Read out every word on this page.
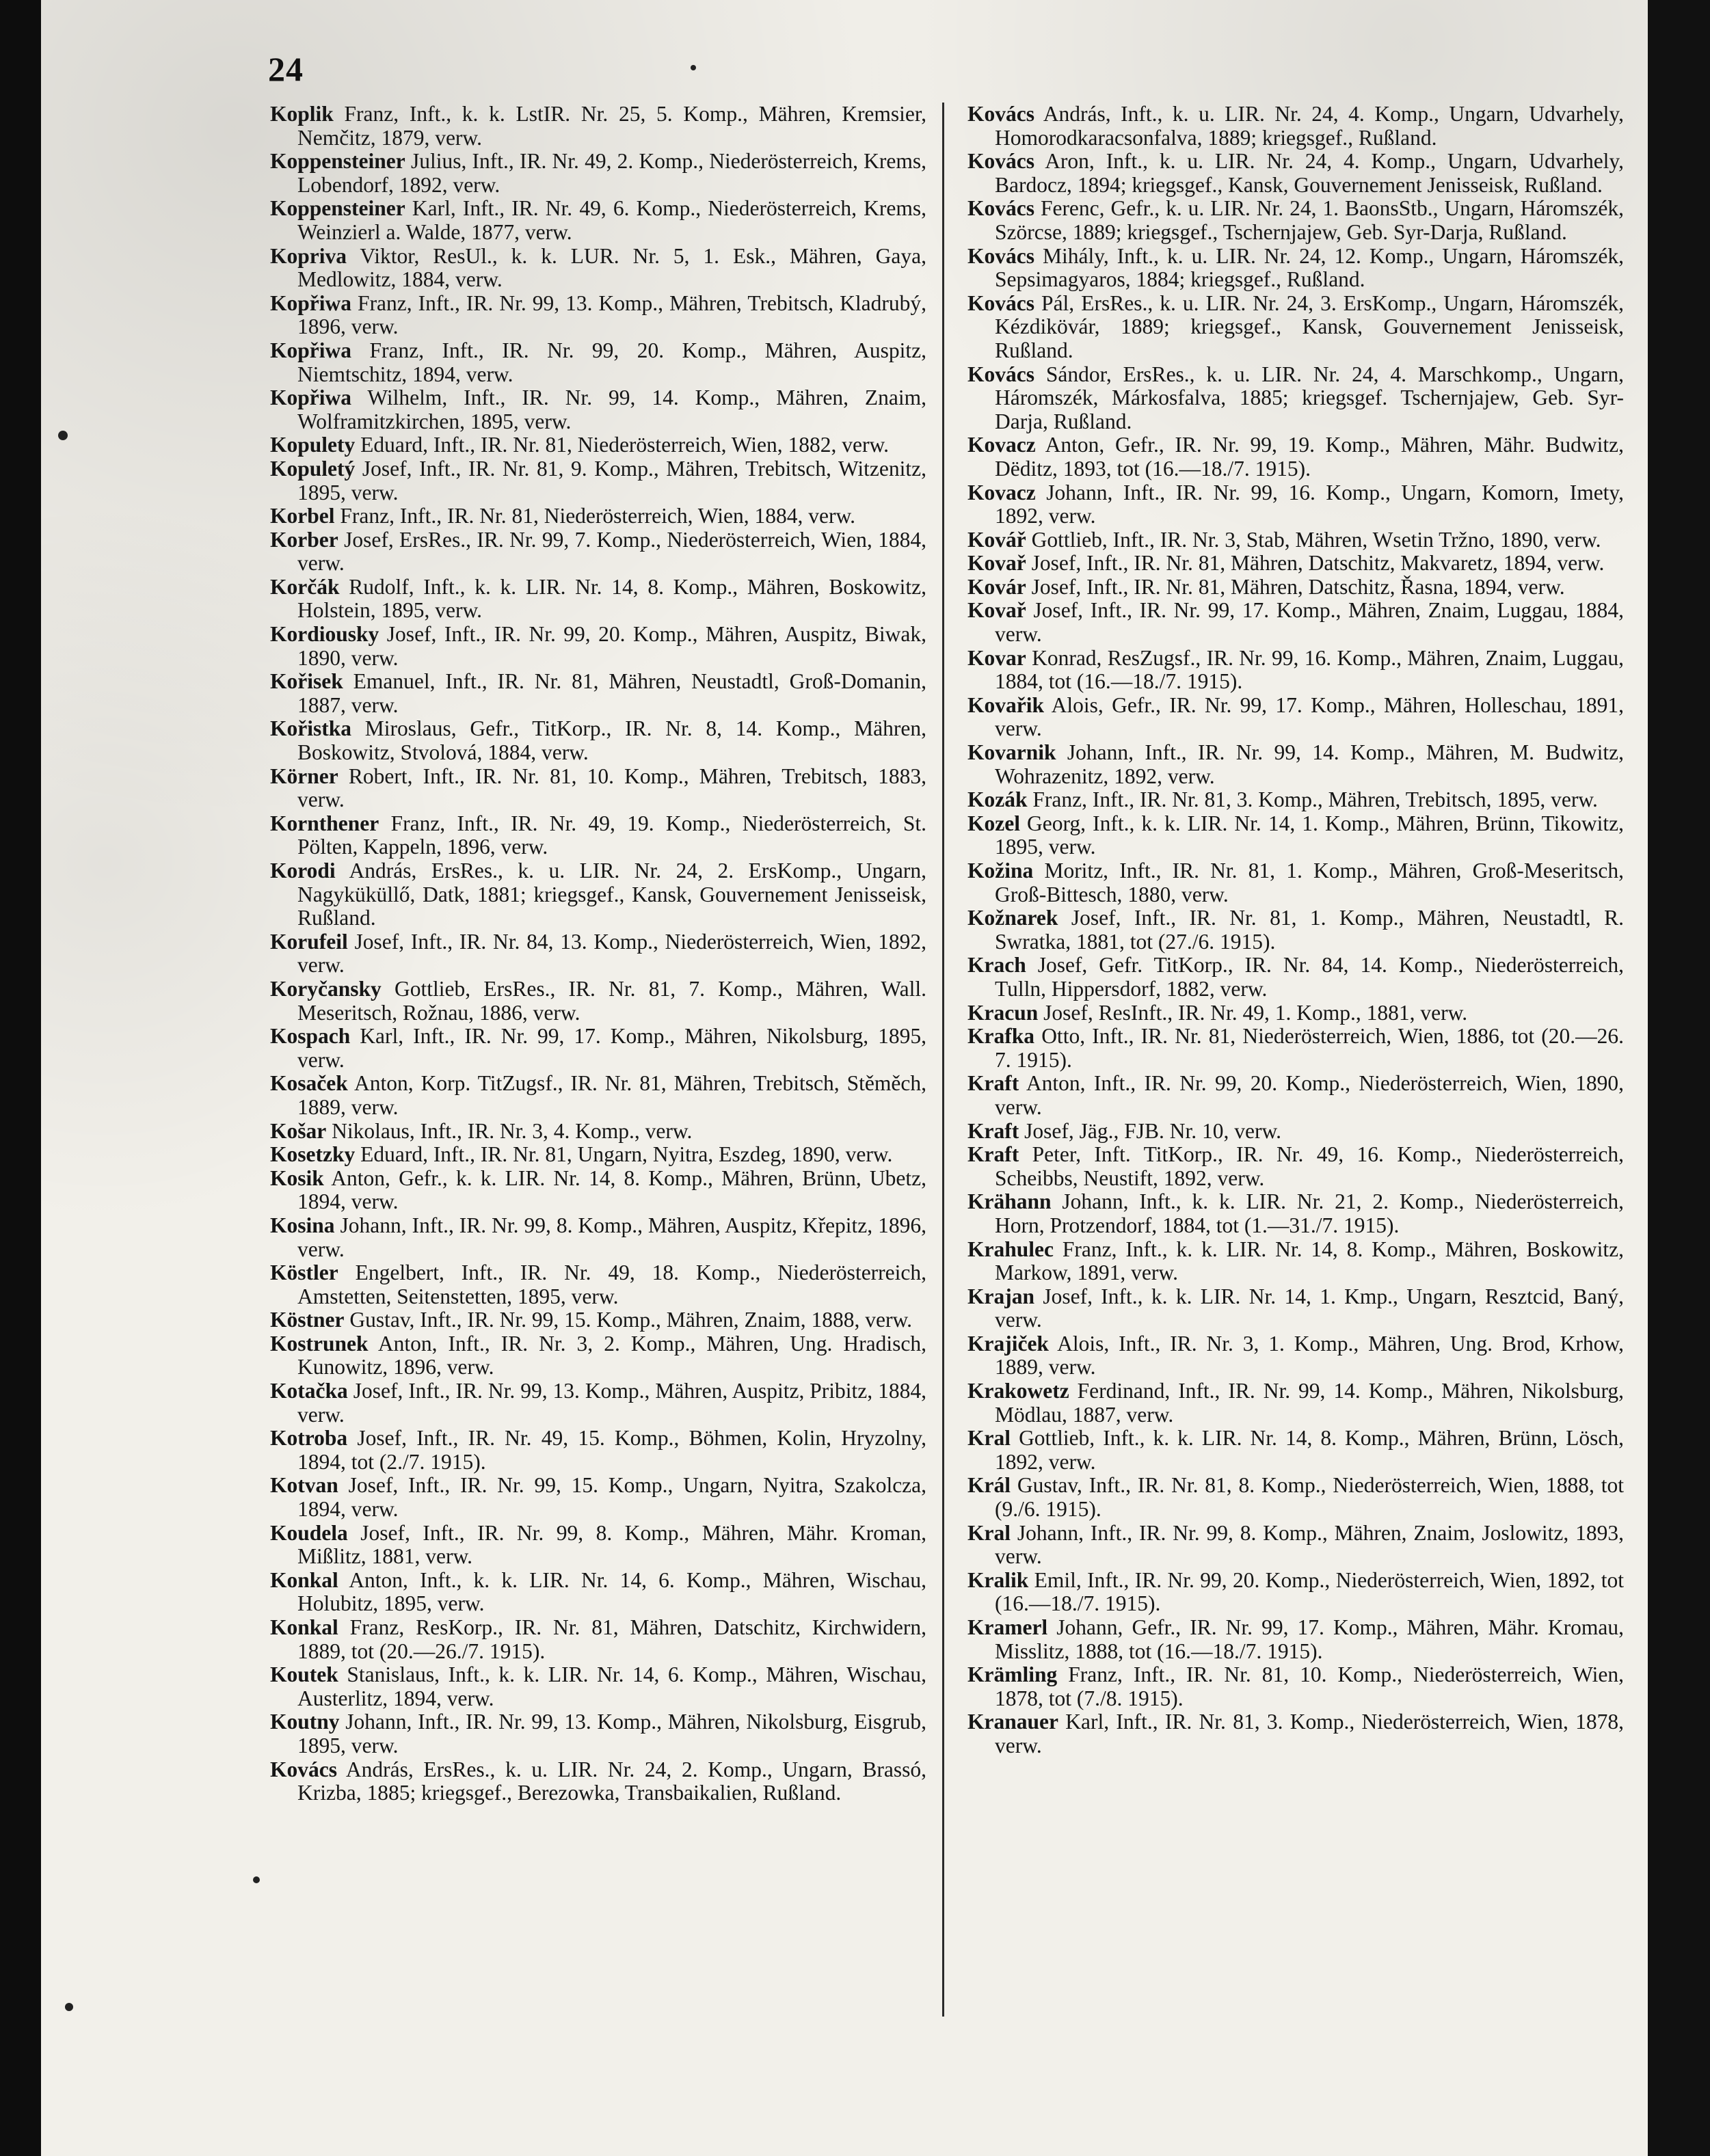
24

Koplik Franz, Inft., k. k. LstIR. Nr. 25, 5. Komp., Mähren, Kremsier, Nemčitz, 1879, verw.

Koppensteiner Julius, Inft., IR. Nr. 49, 2. Komp., Niederösterreich, Krems, Lobendorf, 1892, verw.

Koppensteiner Karl, Inft., IR. Nr. 49, 6. Komp., Niederösterreich, Krems, Weinzierl a. Walde, 1877, verw.

Kopriva Viktor, ResUl., k. k. LUR. Nr. 5, 1. Esk., Mähren, Gaya, Medlowitz, 1884, verw.

Kopřiwa Franz, Inft., IR. Nr. 99, 13. Komp., Mähren, Trebitsch, Kladrubý, 1896, verw.

Kopřiwa Franz, Inft., IR. Nr. 99, 20. Komp., Mähren, Auspitz, Niemtschitz, 1894, verw.

Kopřiwa Wilhelm, Inft., IR. Nr. 99, 14. Komp., Mähren, Znaim, Wolframitzkirchen, 1895, verw.

Kopulety Eduard, Inft., IR. Nr. 81, Niederösterreich, Wien, 1882, verw.

Kopuletý Josef, Inft., IR. Nr. 81, 9. Komp., Mähren, Trebitsch, Witzenitz, 1895, verw.

Korbel Franz, Inft., IR. Nr. 81, Niederösterreich, Wien, 1884, verw.

Korber Josef, ErsRes., IR. Nr. 99, 7. Komp., Niederösterreich, Wien, 1884, verw.

Korčák Rudolf, Inft., k. k. LIR. Nr. 14, 8. Komp., Mähren, Boskowitz, Holstein, 1895, verw.

Kordiousky Josef, Inft., IR. Nr. 99, 20. Komp., Mähren, Auspitz, Biwak, 1890, verw.

Kořisek Emanuel, Inft., IR. Nr. 81, Mähren, Neustadtl, Groß-Domanin, 1887, verw.

Kořistka Miroslaus, Gefr., TitKorp., IR. Nr. 8, 14. Komp., Mähren, Boskowitz, Stvolová, 1884, verw.

Körner Robert, Inft., IR. Nr. 81, 10. Komp., Mähren, Trebitsch, 1883, verw.

Kornthener Franz, Inft., IR. Nr. 49, 19. Komp., Niederösterreich, St. Pölten, Kappeln, 1896, verw.

Korodi András, ErsRes., k. u. LIR. Nr. 24, 2. ErsKomp., Ungarn, Nagyküküllő, Datk, 1881; kriegsgef., Kansk, Gouvernement Jenisseisk, Rußland.

Korufeil Josef, Inft., IR. Nr. 84, 13. Komp., Niederösterreich, Wien, 1892, verw.

Koryčansky Gottlieb, ErsRes., IR. Nr. 81, 7. Komp., Mähren, Wall. Meseritsch, Rožnau, 1886, verw.

Kospach Karl, Inft., IR. Nr. 99, 17. Komp., Mähren, Nikolsburg, 1895, verw.

Kosaček Anton, Korp. TitZugsf., IR. Nr. 81, Mähren, Trebitsch, Stěměch, 1889, verw.

Košar Nikolaus, Inft., IR. Nr. 3, 4. Komp., verw.

Kosetzky Eduard, Inft., IR. Nr. 81, Ungarn, Nyitra, Eszdeg, 1890, verw.

Kosik Anton, Gefr., k. k. LIR. Nr. 14, 8. Komp., Mähren, Brünn, Ubetz, 1894, verw.

Kosina Johann, Inft., IR. Nr. 99, 8. Komp., Mähren, Auspitz, Křepitz, 1896, verw.

Köstler Engelbert, Inft., IR. Nr. 49, 18. Komp., Niederösterreich, Amstetten, Seitenstetten, 1895, verw.

Köstner Gustav, Inft., IR. Nr. 99, 15. Komp., Mähren, Znaim, 1888, verw.

Kostrunek Anton, Inft., IR. Nr. 3, 2. Komp., Mähren, Ung. Hradisch, Kunowitz, 1896, verw.

Kotačka Josef, Inft., IR. Nr. 99, 13. Komp., Mähren, Auspitz, Pribitz, 1884, verw.

Kotroba Josef, Inft., IR. Nr. 49, 15. Komp., Böhmen, Kolin, Hryzolny, 1894, tot (2./7. 1915).

Kotvan Josef, Inft., IR. Nr. 99, 15. Komp., Ungarn, Nyitra, Szakolcza, 1894, verw.

Koudela Josef, Inft., IR. Nr. 99, 8. Komp., Mähren, Mähr. Kroman, Mißlitz, 1881, verw.

Konkal Anton, Inft., k. k. LIR. Nr. 14, 6. Komp., Mähren, Wischau, Holubitz, 1895, verw.

Konkal Franz, ResKorp., IR. Nr. 81, Mähren, Datschitz, Kirchwidern, 1889, tot (20.—26./7. 1915).

Koutek Stanislaus, Inft., k. k. LIR. Nr. 14, 6. Komp., Mähren, Wischau, Austerlitz, 1894, verw.

Koutny Johann, Inft., IR. Nr. 99, 13. Komp., Mähren, Nikolsburg, Eisgrub, 1895, verw.

Kovács András, ErsRes., k. u. LIR. Nr. 24, 2. Komp., Ungarn, Brassó, Krizba, 1885; kriegsgef., Berezowka, Transbaikalien, Rußland.

Kovács András, Inft., k. u. LIR. Nr. 24, 4. Komp., Ungarn, Udvarhely, Homorodkaracsonfalva, 1889; kriegsgef., Rußland.

Kovács Aron, Inft., k. u. LIR. Nr. 24, 4. Komp., Ungarn, Udvarhely, Bardocz, 1894; kriegsgef., Kansk, Gouvernement Jenisseisk, Rußland.

Kovács Ferenc, Gefr., k. u. LIR. Nr. 24, 1. BaonsStb., Ungarn, Háromszék, Szörcse, 1889; kriegsgef., Tschernjajew, Geb. Syr-Darja, Rußland.

Kovács Mihály, Inft., k. u. LIR. Nr. 24, 12. Komp., Ungarn, Háromszék, Sepsimagyaros, 1884; kriegsgef., Rußland.

Kovács Pál, ErsRes., k. u. LIR. Nr. 24, 3. ErsKomp., Ungarn, Háromszék, Kézdikövár, 1889; kriegsgef., Kansk, Gouvernement Jenisseisk, Rußland.

Kovács Sándor, ErsRes., k. u. LIR. Nr. 24, 4. Marschkomp., Ungarn, Háromszék, Márkosfalva, 1885; kriegsgef. Tschernjajew, Geb. Syr-Darja, Rußland.

Kovacz Anton, Gefr., IR. Nr. 99, 19. Komp., Mähren, Mähr. Budwitz, Dëditz, 1893, tot (16.—18./7. 1915).

Kovacz Johann, Inft., IR. Nr. 99, 16. Komp., Ungarn, Komorn, Imety, 1892, verw.

Kovář Gottlieb, Inft., IR. Nr. 3, Stab, Mähren, Wsetin Tržno, 1890, verw.

Kovař Josef, Inft., IR. Nr. 81, Mähren, Datschitz, Makvaretz, 1894, verw.

Kovár Josef, Inft., IR. Nr. 81, Mähren, Datschitz, Řasna, 1894, verw.

Kovař Josef, Inft., IR. Nr. 99, 17. Komp., Mähren, Znaim, Luggau, 1884, verw.

Kovar Konrad, ResZugsf., IR. Nr. 99, 16. Komp., Mähren, Znaim, Luggau, 1884, tot (16.—18./7. 1915).

Kovařik Alois, Gefr., IR. Nr. 99, 17. Komp., Mähren, Holleschau, 1891, verw.

Kovarnik Johann, Inft., IR. Nr. 99, 14. Komp., Mähren, M. Budwitz, Wohrazenitz, 1892, verw.

Kozák Franz, Inft., IR. Nr. 81, 3. Komp., Mähren, Trebitsch, 1895, verw.

Kozel Georg, Inft., k. k. LIR. Nr. 14, 1. Komp., Mähren, Brünn, Tikowitz, 1895, verw.

Kožina Moritz, Inft., IR. Nr. 81, 1. Komp., Mähren, Groß-Meseritsch, Groß-Bittesch, 1880, verw.

Kožnarek Josef, Inft., IR. Nr. 81, 1. Komp., Mähren, Neustadtl, R. Swratka, 1881, tot (27./6. 1915).

Krach Josef, Gefr. TitKorp., IR. Nr. 84, 14. Komp., Niederösterreich, Tulln, Hippersdorf, 1882, verw.

Kracun Josef, ResInft., IR. Nr. 49, 1. Komp., 1881, verw.

Krafka Otto, Inft., IR. Nr. 81, Niederösterreich, Wien, 1886, tot (20.—26. 7. 1915).

Kraft Anton, Inft., IR. Nr. 99, 20. Komp., Niederösterreich, Wien, 1890, verw.

Kraft Josef, Jäg., FJB. Nr. 10, verw.

Kraft Peter, Inft. TitKorp., IR. Nr. 49, 16. Komp., Niederösterreich, Scheibbs, Neustift, 1892, verw.

Krähann Johann, Inft., k. k. LIR. Nr. 21, 2. Komp., Niederösterreich, Horn, Protzendorf, 1884, tot (1.—31./7. 1915).

Krahulec Franz, Inft., k. k. LIR. Nr. 14, 8. Komp., Mähren, Boskowitz, Markow, 1891, verw.

Krajan Josef, Inft., k. k. LIR. Nr. 14, 1. Kmp., Ungarn, Resztcid, Baný, verw.

Krajiček Alois, Inft., IR. Nr. 3, 1. Komp., Mähren, Ung. Brod, Krhow, 1889, verw.

Krakowetz Ferdinand, Inft., IR. Nr. 99, 14. Komp., Mähren, Nikolsburg, Mödlau, 1887, verw.

Kral Gottlieb, Inft., k. k. LIR. Nr. 14, 8. Komp., Mähren, Brünn, Lösch, 1892, verw.

Král Gustav, Inft., IR. Nr. 81, 8. Komp., Niederösterreich, Wien, 1888, tot (9./6. 1915).

Kral Johann, Inft., IR. Nr. 99, 8. Komp., Mähren, Znaim, Joslowitz, 1893, verw.

Kralik Emil, Inft., IR. Nr. 99, 20. Komp., Niederösterreich, Wien, 1892, tot (16.—18./7. 1915).

Kramerl Johann, Gefr., IR. Nr. 99, 17. Komp., Mähren, Mähr. Kromau, Misslitz, 1888, tot (16.—18./7. 1915).

Krämling Franz, Inft., IR. Nr. 81, 10. Komp., Niederösterreich, Wien, 1878, tot (7./8. 1915).

Kranauer Karl, Inft., IR. Nr. 81, 3. Komp., Niederösterreich, Wien, 1878, verw.
